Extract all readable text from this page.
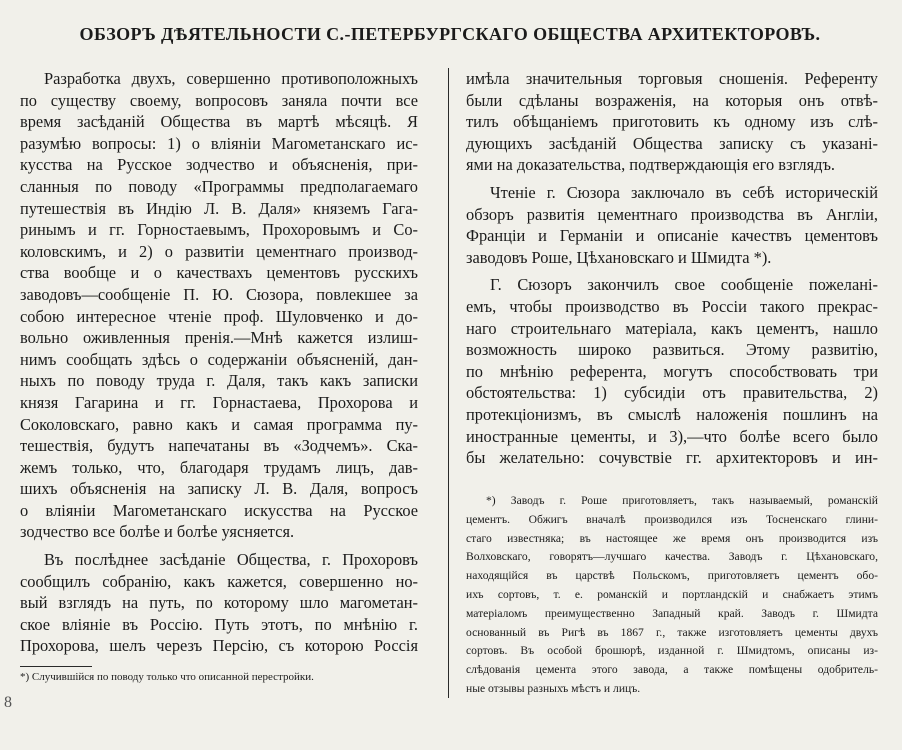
ОБЗОРЪ ДѢЯТЕЛЬНОСТИ С.-ПЕТЕРБУРГСКАГО ОБЩЕСТВА АРХИТЕКТОРОВЪ.
Разработка двухъ, совершенно противоположныхъ
по существу своему, вопросовъ заняла почти все
время засѣданій Общества въ мартѣ мѣсяцѣ. Я
разумѣю вопросы: 1) о вліяніи Магометанскаго ис-
кусства на Русское зодчество и объясненія, при-
сланныя по поводу «Программы предполагаемаго
путешествія въ Индію Л. В. Даля» княземъ Гага-
ринымъ и гг. Горностаевымъ, Прохоровымъ и Со-
коловскимъ, и 2) о развитіи цементнаго производ-
ства вообще и о качествахъ цементовъ русскихъ
заводовъ—сообщеніе П. Ю. Сюзора, повлекшее за
собою интересное чтеніе проф. Шуловченко и до-
вольно оживленныя пренія.—Мнѣ кажется излиш-
нимъ сообщать здѣсь о содержаніи объясненій, дан-
ныхъ по поводу труда г. Даля, такъ какъ записки
князя Гагарина и гг. Горнастаева, Прохорова и
Соколовскаго, равно какъ и самая программа пу-
тешествія, будутъ напечатаны въ «Зодчемъ». Ска-
жемъ только, что, благодаря трудамъ лицъ, дав-
шихъ объясненія на записку Л. В. Даля, вопросъ
о вліяніи Магометанскаго искусства на Русское
зодчество все болѣе и болѣе уясняется.
Въ послѣднее засѣданіе Общества, г. Прохоровъ
сообщилъ собранію, какъ кажется, совершенно но-
вый взглядъ на путь, по которому шло магометан-
ское вліяніе въ Россію. Путь этотъ, по мнѣнію г.
Прохорова, шелъ черезъ Персію, съ которою Россія
имѣла значительныя торговыя сношенія. Референту
были сдѣланы возраженія, на которыя онъ отвѣ-
тилъ обѣщаніемъ приготовить къ одному изъ слѣ-
дующихъ засѣданій Общества записку съ указані-
ями на доказательства, подтверждающія его взглядъ.
Чтеніе г. Сюзора заключало въ себѣ историческій
обзоръ развитія цементнаго производства въ Англіи,
Франціи и Германіи и описаніе качествъ цементовъ
заводовъ Роше, Цѣхановскаго и Шмидта *).
Г. Сюзоръ закончилъ свое сообщеніе пожелані-
емъ, чтобы производство въ Россіи такого прекрас-
наго строительнаго матеріала, какъ цементъ, нашло
возможность широко развиться. Этому развитію,
по мнѣнію референта, могутъ способствовать три
обстоятельства: 1) субсидіи отъ правительства, 2)
протекціонизмъ, въ смыслѣ наложенія пошлинъ на
иностранные цементы, и 3),—что болѣе всего было
бы желательно: сочувствіе гг. архитекторовъ и ин-
*) Заводъ г. Роше приготовляетъ, такъ называемый, романскій
цементъ. Обжигъ вначалѣ производился изъ Тосненскаго глини-
стаго известняка; въ настоящее же время онъ производится изъ
Волховскаго, говорятъ—лучшаго качества. Заводъ г. Цѣхановскаго,
находящійся въ царствѣ Польскомъ, приготовляетъ цементъ обо-
ихъ сортовъ, т. е. романскій и портландскій и снабжаетъ этимъ
матеріаломъ преимущественно Западный край. Заводъ г. Шмидта
основанный въ Ригѣ въ 1867 г., также изготовляетъ цементы двухъ
сортовъ. Въ особой брошюрѣ, изданной г. Шмидтомъ, описаны из-
слѣдованія цемента этого завода, а также помѣщены одобритель-
ные отзывы разныхъ мѣстъ и лицъ.
*) Случившійся по поводу только что описанной перестройки.
8
